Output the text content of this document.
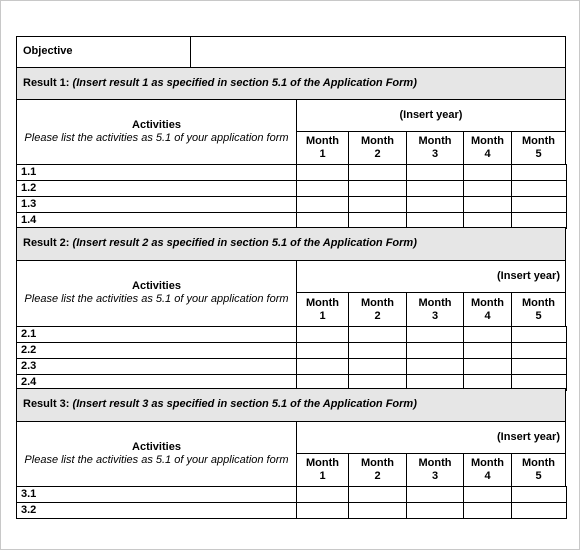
Objective
Result 1: (Insert result 1 as specified in section 5.1 of the Application Form)
Activities
Please list the activities as 5.1 of your application form
(Insert year)
Month
1
Month
2
Month
3
Month
4
Month
5
1.1
1.2
1.3
1.4
Result 2: (Insert result 2 as specified in section 5.1 of the Application Form)
Activities
Please list the activities as 5.1 of your application form
(Insert year)
Month
1
Month
2
Month
3
Month
4
Month
5
2.1
2.2
2.3
2.4
Result 3: (Insert result 3 as specified in section 5.1 of the Application Form)
Activities
Please list the activities as 5.1 of your application form
(Insert year)
Month
1
Month
2
Month
3
Month
4
Month
5
3.1
3.2
